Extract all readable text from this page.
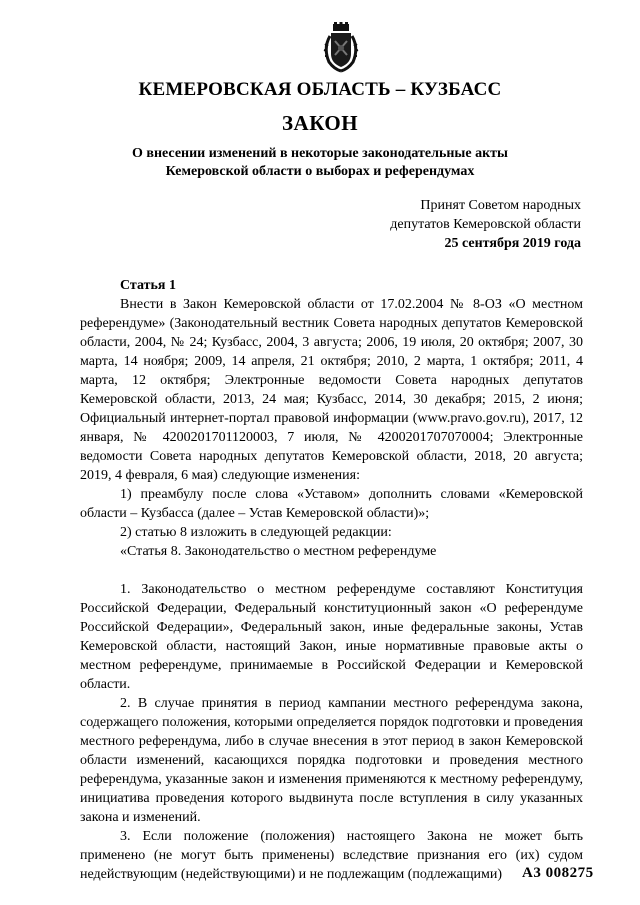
КЕМЕРОВСКАЯ ОБЛАСТЬ – КУЗБАСС
ЗАКОН
О внесении изменений в некоторые законодательные акты
Кемеровской области о выборах и референдумах
Принят Советом народных
депутатов Кемеровской области
25 сентября 2019 года

Статья 1

Внести в Закон Кемеровской области от 17.02.2004 № 8-ОЗ «О местном референдуме» (Законодательный вестник Совета народных депутатов Кемеровской области, 2004, № 24; Кузбасс, 2004, 3 августа; 2006, 19 июля, 20 октября; 2007, 30 марта, 14 ноября; 2009, 14 апреля, 21 октября; 2010, 2 марта, 1 октября; 2011, 4 марта, 12 октября; Электронные ведомости Совета народных депутатов Кемеровской области, 2013, 24 мая; Кузбасс, 2014, 30 декабря; 2015, 2 июня; Официальный интернет-портал правовой информации (www.pravo.gov.ru), 2017, 12 января, № 4200201701120003, 7 июля, № 4200201707070004; Электронные ведомости Совета народных депутатов Кемеровской области, 2018, 20 августа; 2019, 4 февраля, 6 мая) следующие изменения:

1) преамбулу после слова «Уставом» дополнить словами «Кемеровской области – Кузбасса (далее – Устав Кемеровской области)»;

2) статью 8 изложить в следующей редакции:

«Статья 8. Законодательство о местном референдуме

1. Законодательство о местном референдуме составляют Конституция Российской Федерации, Федеральный конституционный закон «О референдуме Российской Федерации», Федеральный закон, иные федеральные законы, Устав Кемеровской области, настоящий Закон, иные нормативные правовые акты о местном референдуме, принимаемые в Российской Федерации и Кемеровской области.

2. В случае принятия в период кампании местного референдума закона, содержащего положения, которыми определяется порядок подготовки и проведения местного референдума, либо в случае внесения в этот период в закон Кемеровской области изменений, касающихся порядка подготовки и проведения местного референдума, указанные закон и изменения применяются к местному референдуму, инициатива проведения которого выдвинута после вступления в силу указанных закона и изменений.

3. Если положение (положения) настоящего Закона не может быть применено (не могут быть применены) вследствие признания его (их) судом недействующим (недействующими) и не подлежащим (подлежащими)	А3 008275
